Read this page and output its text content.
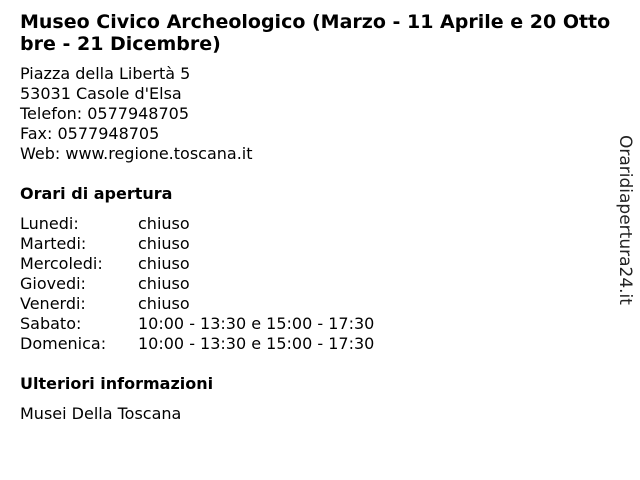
Museo Civico Archeologico (Marzo - 11 Aprile e 20 Ottobre - 21 Dicembre)
Piazza della Libertà 5
53031 Casole d'Elsa
Telefon: 0577948705
Fax: 0577948705
Web: www.regione.toscana.it
Orari di apertura
Lunedi:	chiuso
Martedi:	chiuso
Mercoledi:	chiuso
Giovedi:	chiuso
Venerdi:	chiuso
Sabato:	10:00 - 13:30 e 15:00 - 17:30
Domenica:	10:00 - 13:30 e 15:00 - 17:30
Ulteriori informazioni
Musei Della Toscana
Oraridiapertura24.it
